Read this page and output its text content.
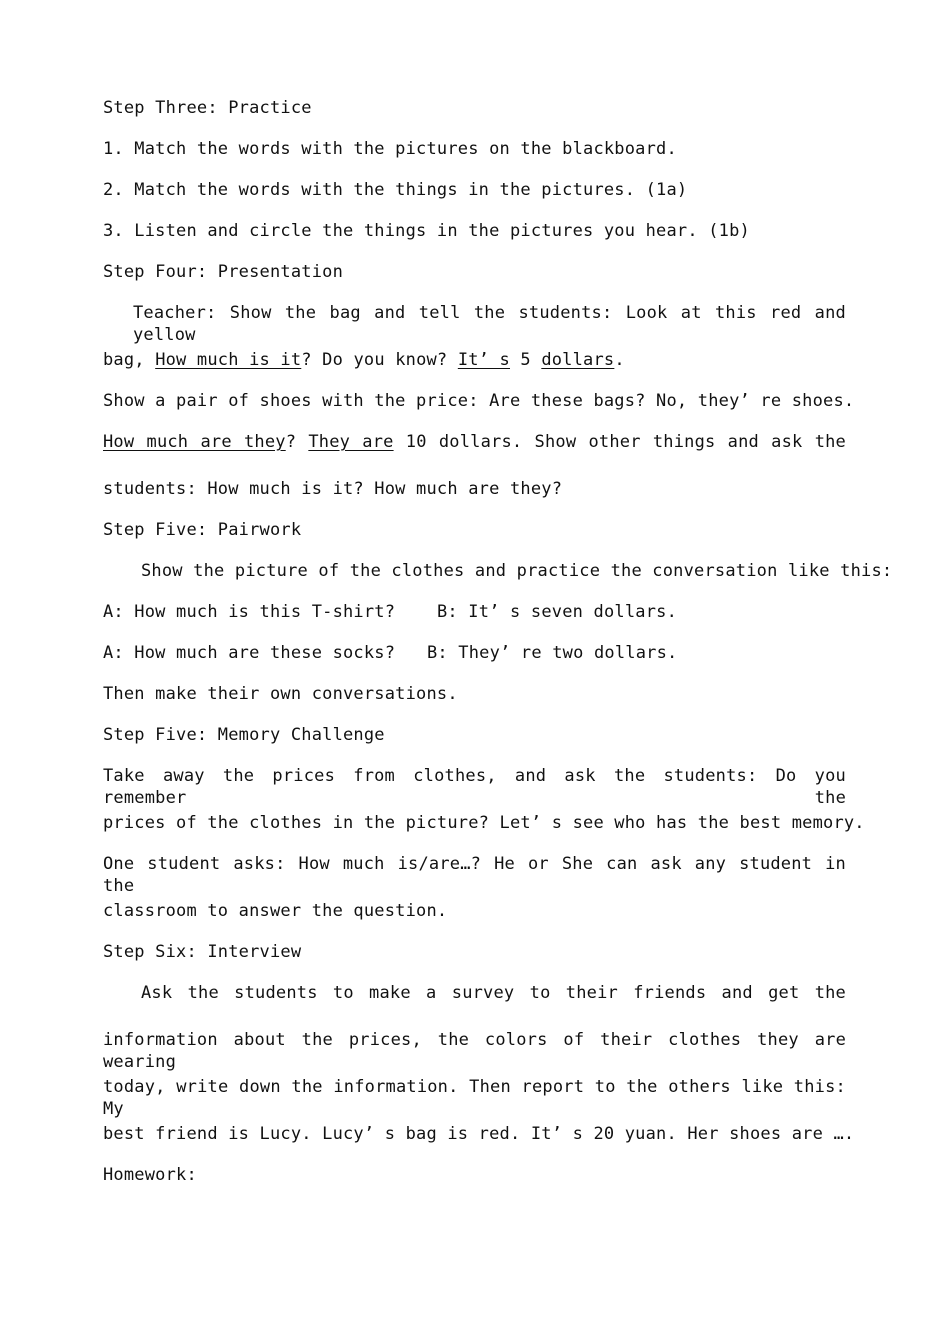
Step Three: Practice
1. Match the words with the pictures on the blackboard.
2. Match the words with the things in the pictures. (1a)
3. Listen and circle the things in the pictures you hear. (1b)
Step Four: Presentation
Teacher: Show the bag and tell the students: Look at this red and yellow
bag, How much is it? Do you know? It’ s 5 dollars.
Show a pair of shoes with the price: Are these bags? No, they’ re shoes.
How much are they? They are 10 dollars. Show other things and ask the
students: How much is it? How much are they?
Step Five: Pairwork
Show the picture of the clothes and practice the conversation like this:
A: How much is this T-shirt? B: It’ s seven dollars.
A: How much are these socks? B: They’ re two dollars.
Then make their own conversations.
Step Five: Memory Challenge
Take away the prices from clothes, and ask the students: Do you remember the
prices of the clothes in the picture? Let’ s see who has the best memory.
One student asks: How much is/are…? He or She can ask any student in the
classroom to answer the question.
Step Six: Interview
Ask the students to make a survey to their friends and get the
information about the prices, the colors of their clothes they are wearing
today, write down the information. Then report to the others like this: My
best friend is Lucy. Lucy’ s bag is red. It’ s 20 yuan. Her shoes are ….
Homework:
